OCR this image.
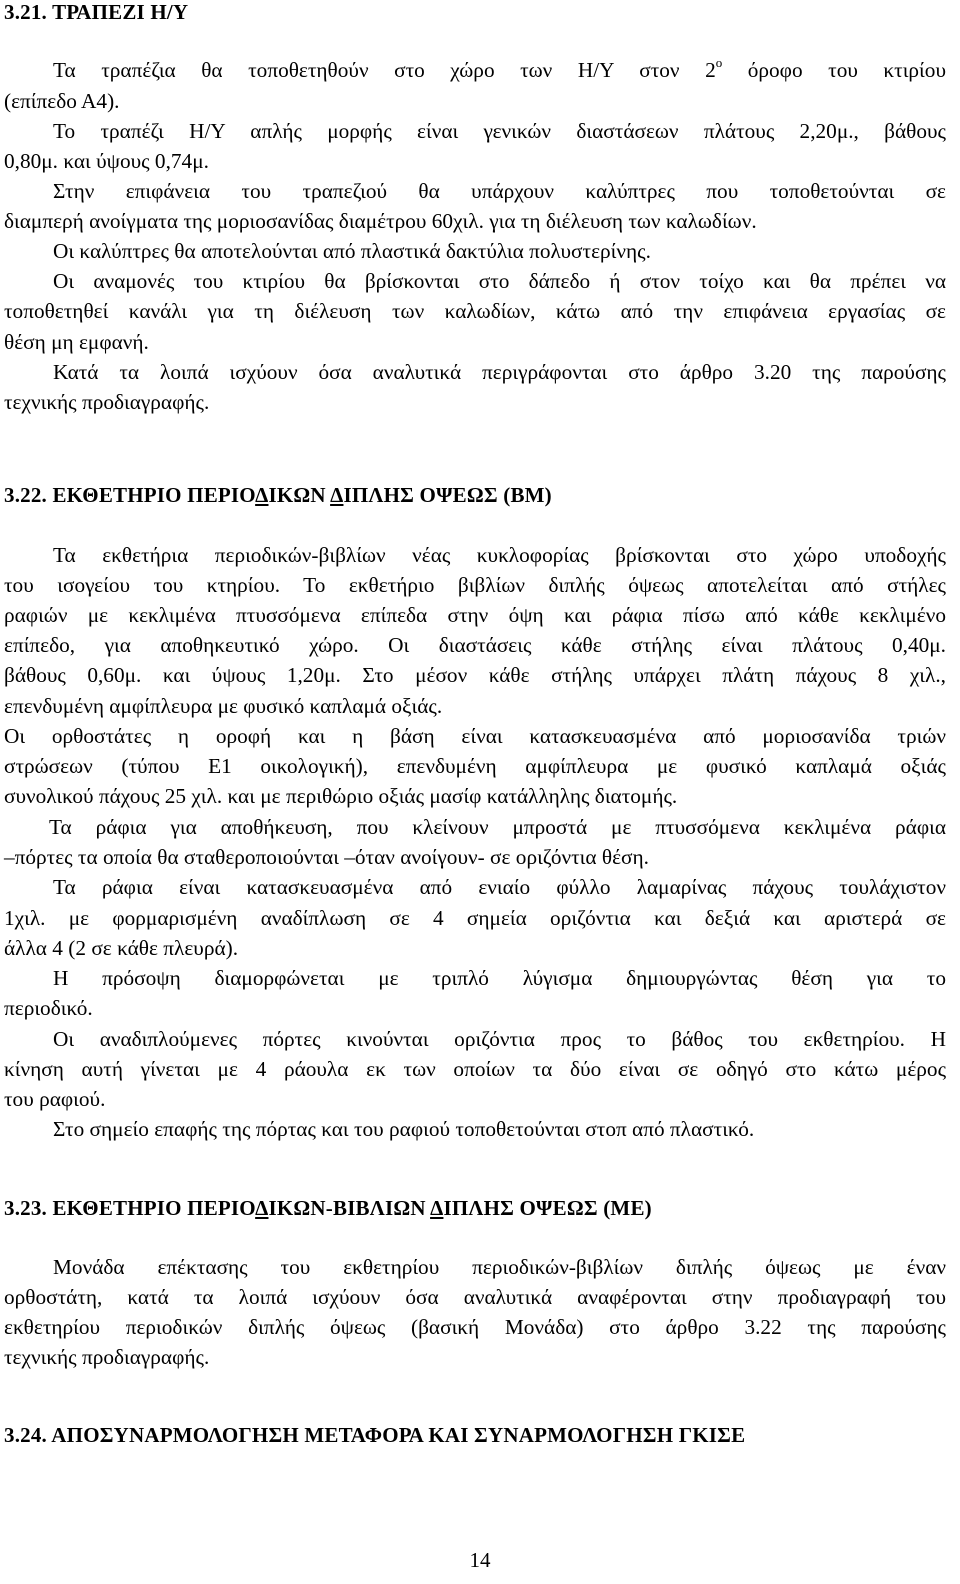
3.21. ΤΡΑΠΕΖΙ Η/Υ
Τα τραπέζια θα τοποθετηθούν στο χώρο των Η/Υ στον $2^o$ όροφο του κτιρίου
(επίπεδο Α4).
Το τραπέζι Η/Υ απλής μορφής είναι γενικών διαστάσεων πλάτους 2,20μ., βάθους
0,80μ. και ύψους 0,74μ.
Στην επιφάνεια του τραπεζιού θα υπάρχουν καλύπτρες που τοποθετούνται σε
διαμπερή ανοίγματα της μοριοσανίδας διαμέτρου 60χιλ. για τη διέλευση των καλωδίων.
Οι καλύπτρες θα αποτελούνται από πλαστικά δακτύλια πολυστερίνης.
Οι αναμονές του κτιρίου θα βρίσκονται στο δάπεδο ή στον τοίχο και θα πρέπει να
τοποθετηθεί κανάλι για τη διέλευση των καλωδίων, κάτω από την επιφάνεια εργασίας σε
θέση μη εμφανή.
Κατά τα λοιπά ισχύουν όσα αναλυτικά περιγράφονται στο άρθρο 3.20 της παρούσης
τεχνικής προδιαγραφής.
3.22. ΕΚΘΕΤΗΡΙΟ ΠΕΡΙΟΔΙΚΩΝ ΔΙΠΛΗΣ ΟΨΕΩΣ (ΒΜ)
Τα εκθετήρια περιοδικών-βιβλίων νέας κυκλοφορίας βρίσκονται στο χώρο υποδοχής
του ισογείου του κτηρίου. Το εκθετήριο βιβλίων διπλής όψεως αποτελείται από στήλες
ραφιών με κεκλιμένα πτυσσόμενα επίπεδα στην όψη και ράφια πίσω από κάθε κεκλιμένο
επίπεδο, για αποθηκευτικό χώρο. Οι διαστάσεις κάθε στήλης είναι πλάτους 0,40μ.
βάθους 0,60μ. και ύψους 1,20μ. Στο μέσον κάθε στήλης υπάρχει πλάτη πάχους 8 χιλ.,
επενδυμένη αμφίπλευρα με φυσικό καπλαμά οξιάς.
Οι ορθοστάτες η οροφή και η βάση είναι κατασκευασμένα από μοριοσανίδα τριών
στρώσεων (τύπου Ε1 οικολογική), επενδυμένη αμφίπλευρα με φυσικό καπλαμά οξιάς
συνολικού πάχους 25 χιλ. και με περιθώριο οξιάς μασίφ κατάλληλης διατομής.
Τα ράφια για αποθήκευση, που κλείνουν μπροστά με πτυσσόμενα κεκλιμένα ράφια
–πόρτες τα οποία θα σταθεροποιούνται –όταν ανοίγουν- σε οριζόντια θέση.
Τα ράφια είναι κατασκευασμένα από ενιαίο φύλλο λαμαρίνας πάχους τουλάχιστον
1χιλ. με φορμαρισμένη αναδίπλωση σε 4 σημεία οριζόντια και δεξιά και αριστερά σε
άλλα 4 (2 σε κάθε πλευρά).
Η πρόσοψη διαμορφώνεται με τριπλό λύγισμα δημιουργώντας θέση για το
περιοδικό.
Οι αναδιπλούμενες πόρτες κινούνται οριζόντια προς το βάθος του εκθετηρίου. Η
κίνηση αυτή γίνεται με 4 ράουλα εκ των οποίων τα δύο είναι σε οδηγό στο κάτω μέρος
του ραφιού.
Στο σημείο επαφής της πόρτας και του ραφιού τοποθετούνται στοπ από πλαστικό.
3.23. ΕΚΘΕΤΗΡΙΟ ΠΕΡΙΟΔΙΚΩΝ-ΒΙΒΛΙΩΝ ΔΙΠΛΗΣ ΟΨΕΩΣ (ΜΕ)
Μονάδα επέκτασης του εκθετηρίου περιοδικών-βιβλίων διπλής όψεως με έναν
ορθοστάτη, κατά τα λοιπά ισχύουν όσα αναλυτικά αναφέρονται στην προδιαγραφή του
εκθετηρίου περιοδικών διπλής όψεως (βασική Μονάδα) στο άρθρο 3.22 της παρούσης
τεχνικής προδιαγραφής.
3.24. ΑΠΟΣΥΝΑΡΜΟΛΟΓΗΣΗ ΜΕΤΑΦΟΡΑ ΚΑΙ ΣΥΝΑΡΜΟΛΟΓΗΣΗ ΓΚΙΣΕ
14
